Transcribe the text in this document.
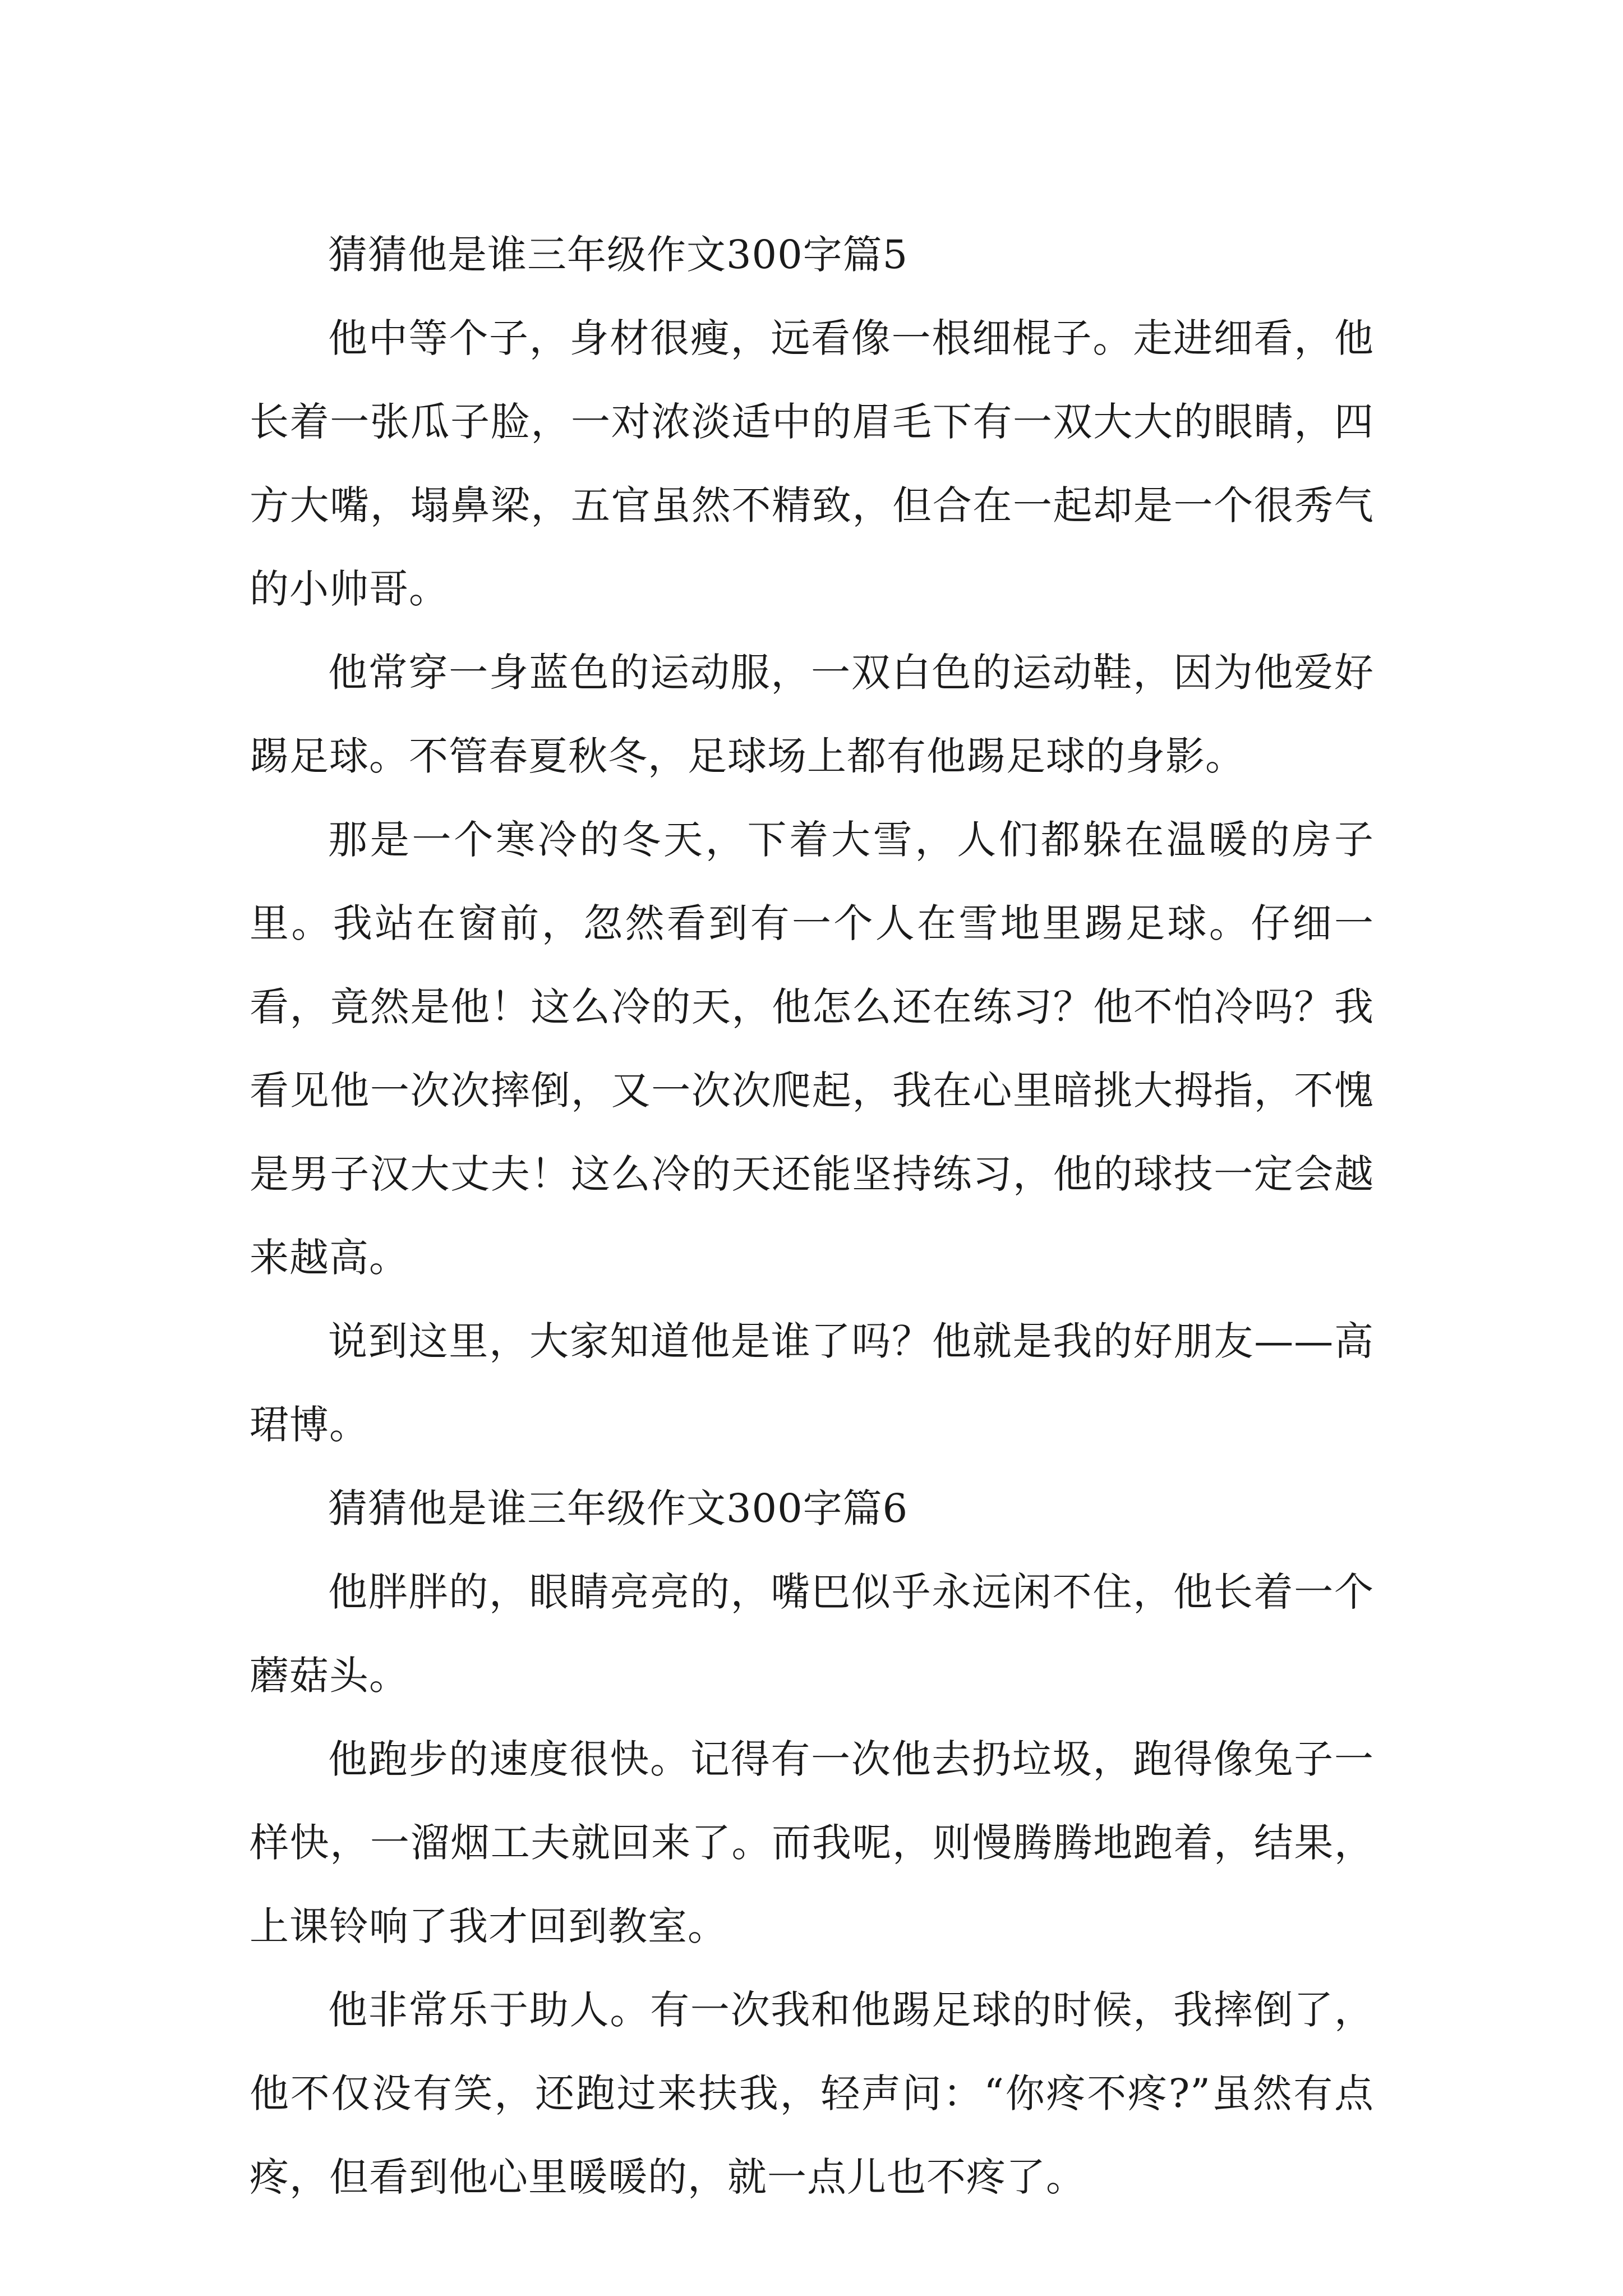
猜猜他是谁三年级作文300字篇5

他中等个子，身材很瘦，远看像一根细棍子。走进细看，他长着一张瓜子脸，一对浓淡适中的眉毛下有一双大大的眼睛，四方大嘴，塌鼻梁，五官虽然不精致，但合在一起却是一个很秀气的小帅哥。

他常穿一身蓝色的运动服，一双白色的运动鞋，因为他爱好踢足球。不管春夏秋冬，足球场上都有他踢足球的身影。

那是一个寒冷的冬天，下着大雪，人们都躲在温暖的房子里。我站在窗前，忽然看到有一个人在雪地里踢足球。仔细一看，竟然是他！这么冷的天，他怎么还在练习？他不怕冷吗？我看见他一次次摔倒，又一次次爬起，我在心里暗挑大拇指，不愧是男子汉大丈夫！这么冷的天还能坚持练习，他的球技一定会越来越高。

说到这里，大家知道他是谁了吗？他就是我的好朋友——高珺博。

猜猜他是谁三年级作文300字篇6

他胖胖的，眼睛亮亮的，嘴巴似乎永远闲不住，他长着一个蘑菇头。

他跑步的速度很快。记得有一次他去扔垃圾，跑得像兔子一样快，一溜烟工夫就回来了。而我呢，则慢腾腾地跑着，结果，上课铃响了我才回到教室。

他非常乐于助人。有一次我和他踢足球的时候，我摔倒了，他不仅没有笑，还跑过来扶我，轻声问：“你疼不疼?”虽然有点疼，但看到他心里暖暖的，就一点儿也不疼了。
